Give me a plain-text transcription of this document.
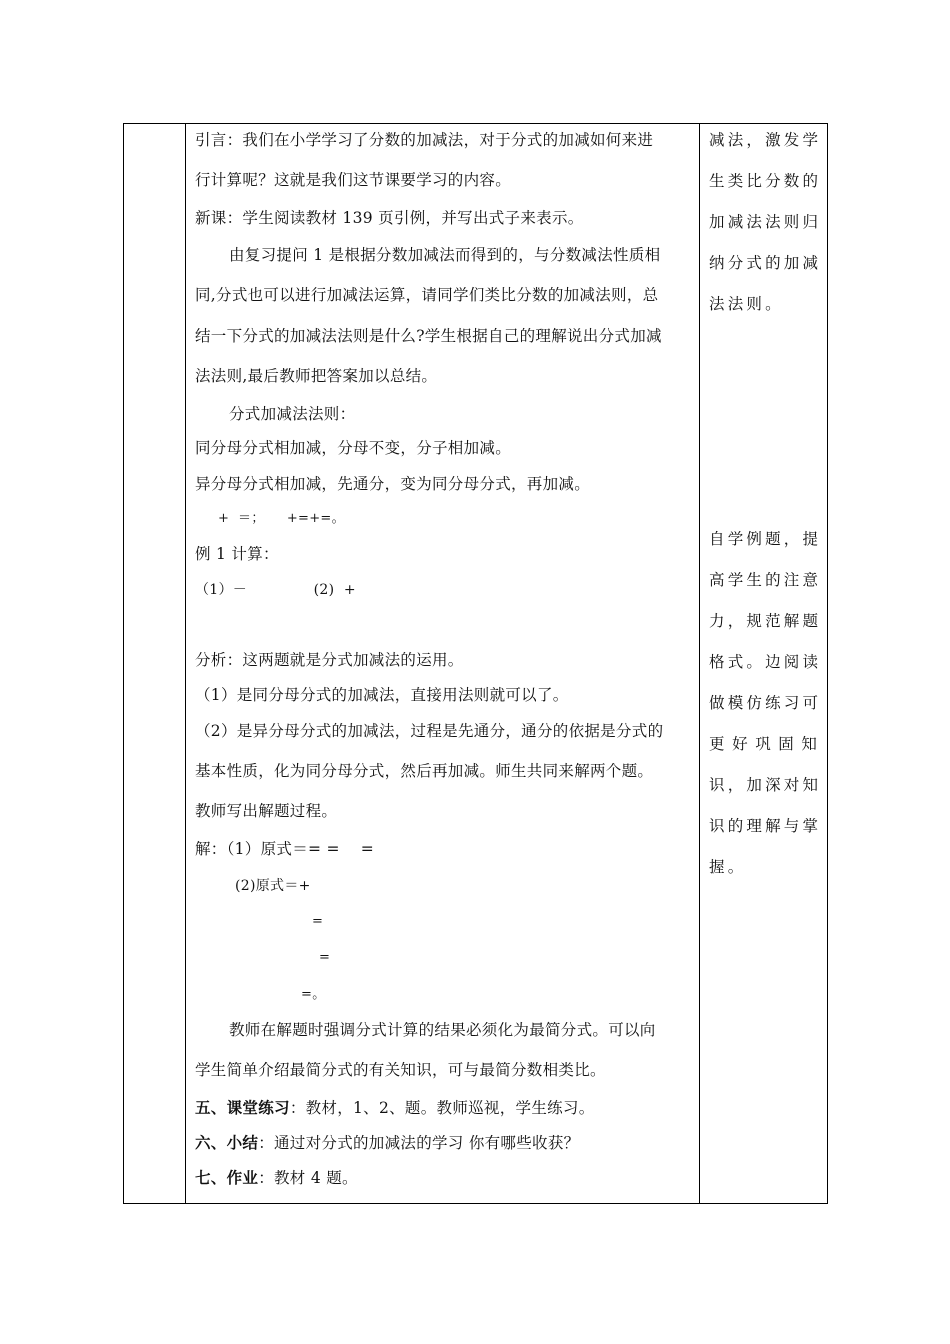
引言：我们在小学学习了分数的加减法，对于分式的加减如何来进
行计算呢？这就是我们这节课要学习的内容。
新课：学生阅读教材 139 页引例，并写出式子来表示。
由复习提问 1 是根据分数加减法而得到的，与分数减法性质相
同,分式也可以进行加减法运算，请同学们类比分数的加减法则，总
结一下分式的加减法法则是什么?学生根据自己的理解说出分式加减
法法则,最后教师把答案加以总结。
分式加减法法则：
同分母分式相加减，分母不变，分子相加减。
异分母分式相加减，先通分，变为同分母分式，再加减。
+  ＝；     +=+=。
例 1 计算：
（1）－              (2)  +
分析：这两题就是分式加减法的运用。
（1）是同分母分式的加减法，直接用法则就可以了。
（2）是异分母分式的加减法，过程是先通分，通分的依据是分式的
基本性质，化为同分母分式，然后再加减。师生共同来解两个题。
教师写出解题过程。
解：（1）原式＝= =    =
(2)原式＝+
=
=
=。
教师在解题时强调分式计算的结果必须化为最简分式。可以向
学生简单介绍最简分式的有关知识，可与最简分数相类比。
五、课堂练习：教材，1、2、题。教师巡视，学生练习。
六、小结：通过对分式的加减法的学习 你有哪些收获？
七、作业：教材 4 题。
减法，激发学
生类比分数的
加减法法则归
纳分式的加减
法法则。
自学例题，提
高学生的注意
力，规范解题
格式。边阅读
做模仿练习可
更好巩固知
识，加深对知
识的理解与掌
握。
